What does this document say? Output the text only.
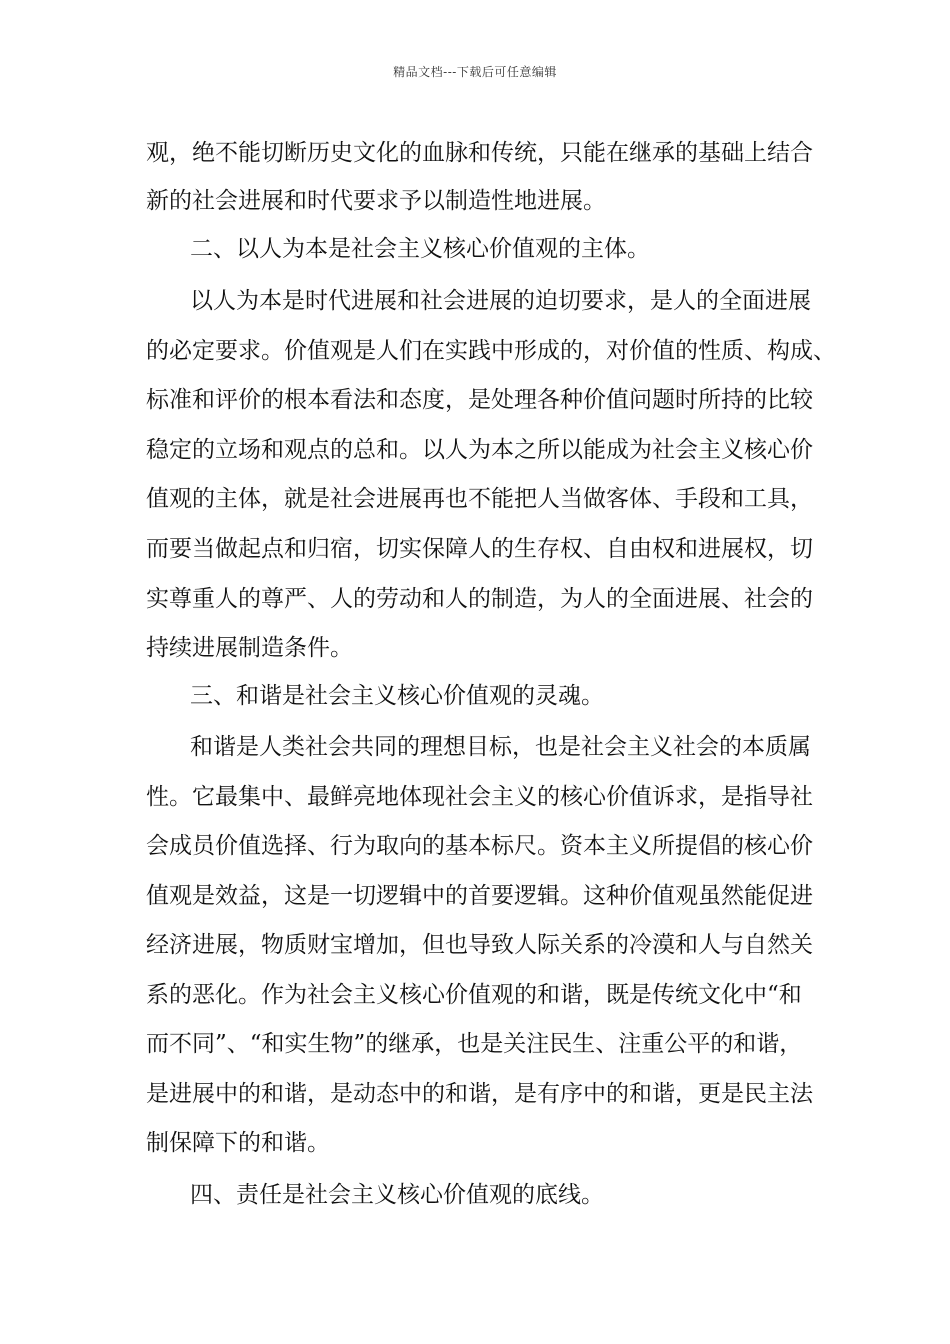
精品文档---下载后可任意编辑
观，绝不能切断历史文化的血脉和传统，只能在继承的基础上结合
新的社会进展和时代要求予以制造性地进展。
二、以人为本是社会主义核心价值观的主体。
以人为本是时代进展和社会进展的迫切要求，是人的全面进展
的必定要求。价值观是人们在实践中形成的，对价值的性质、构成、
标准和评价的根本看法和态度，是处理各种价值问题时所持的比较
稳定的立场和观点的总和。以人为本之所以能成为社会主义核心价
值观的主体，就是社会进展再也不能把人当做客体、手段和工具，
而要当做起点和归宿，切实保障人的生存权、自由权和进展权，切
实尊重人的尊严、人的劳动和人的制造，为人的全面进展、社会的
持续进展制造条件。
三、和谐是社会主义核心价值观的灵魂。
和谐是人类社会共同的理想目标，也是社会主义社会的本质属
性。它最集中、最鲜亮地体现社会主义的核心价值诉求，是指导社
会成员价值选择、行为取向的基本标尺。资本主义所提倡的核心价
值观是效益，这是一切逻辑中的首要逻辑。这种价值观虽然能促进
经济进展，物质财宝增加，但也导致人际关系的冷漠和人与自然关
系的恶化。作为社会主义核心价值观的和谐，既是传统文化中“和
而不同”、“和实生物”的继承，也是关注民生、注重公平的和谐，
是进展中的和谐，是动态中的和谐，是有序中的和谐，更是民主法
制保障下的和谐。
四、责任是社会主义核心价值观的底线。
